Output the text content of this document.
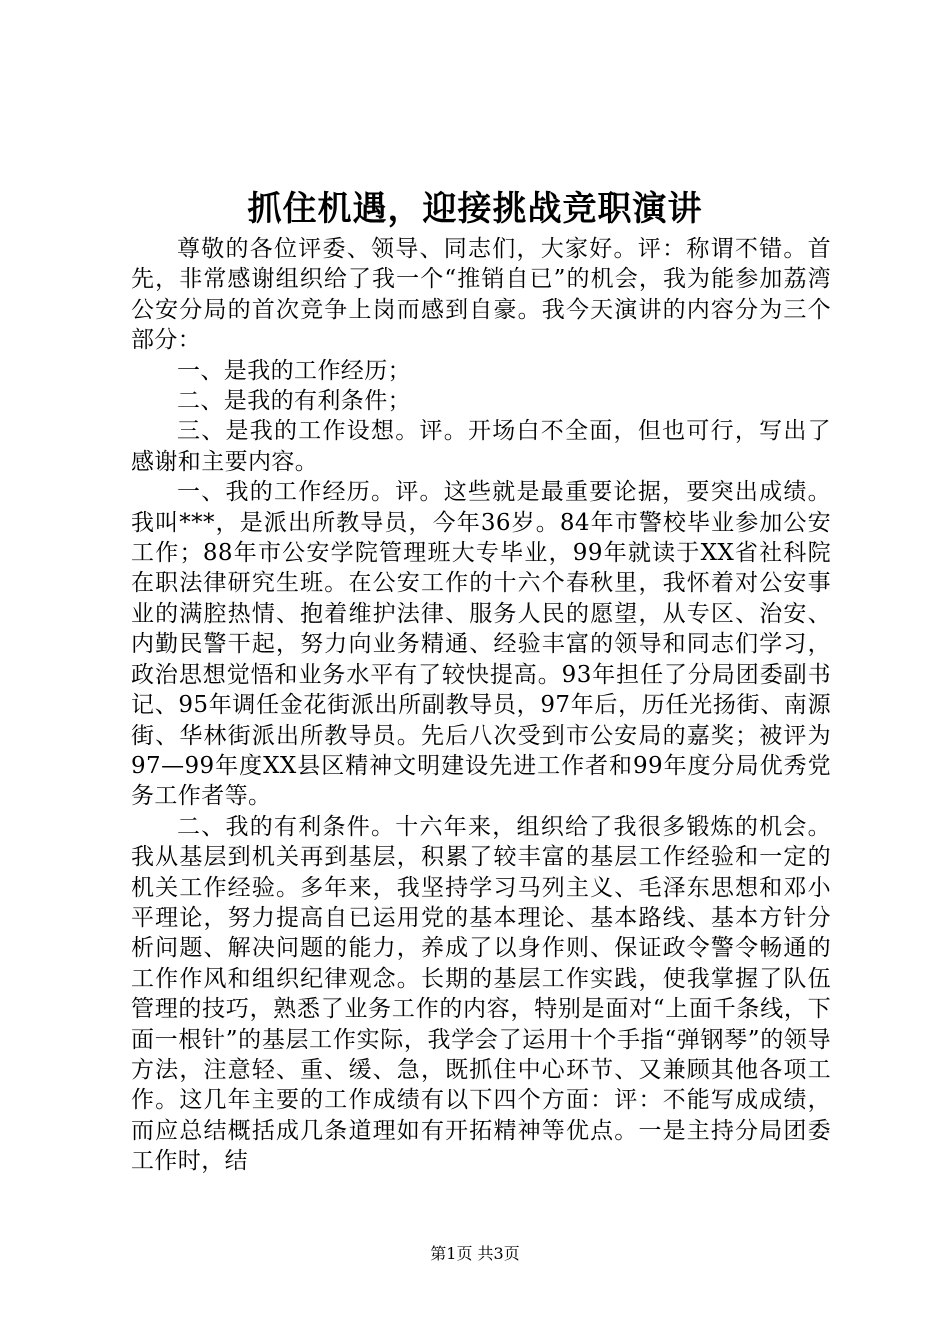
抓住机遇，迎接挑战竞职演讲

尊敬的各位评委、领导、同志们，大家好。评：称谓不错。首先，非常感谢组织给了我一个“推销自已”的机会，我为能参加荔湾公安分局的首次竞争上岗而感到自豪。我今天演讲的内容分为三个部分：

一、是我的工作经历；

二、是我的有利条件；

三、是我的工作设想。评。开场白不全面，但也可行，写出了感谢和主要内容。

一、我的工作经历。评。这些就是最重要论据，要突出成绩。我叫***，是派出所教导员，今年36岁。84年市警校毕业参加公安工作；88年市公安学院管理班大专毕业，99年就读于XX省社科院在职法律研究生班。在公安工作的十六个春秋里，我怀着对公安事业的满腔热情、抱着维护法律、服务人民的愿望，从专区、治安、内勤民警干起，努力向业务精通、经验丰富的领导和同志们学习，政治思想觉悟和业务水平有了较快提高。93年担任了分局团委副书记、95年调任金花街派出所副教导员，97年后，历任光扬街、南源街、华林街派出所教导员。先后八次受到市公安局的嘉奖；被评为97—99年度XX县区精神文明建设先进工作者和99年度分局优秀党务工作者等。

二、我的有利条件。十六年来，组织给了我很多锻炼的机会。我从基层到机关再到基层，积累了较丰富的基层工作经验和一定的机关工作经验。多年来，我坚持学习马列主义、毛泽东思想和邓小平理论，努力提高自已运用党的基本理论、基本路线、基本方针分析问题、解决问题的能力，养成了以身作则、保证政令警令畅通的工作作风和组织纪律观念。长期的基层工作实践，使我掌握了队伍管理的技巧，熟悉了业务工作的内容，特别是面对“上面千条线，下面一根针”的基层工作实际，我学会了运用十个手指“弹钢琴”的领导方法，注意轻、重、缓、急，既抓住中心环节、又兼顾其他各项工作。这几年主要的工作成绩有以下四个方面：评：不能写成成绩，而应总结概括成几条道理如有开拓精神等优点。一是主持分局团委工作时，结

第1页 共3页
